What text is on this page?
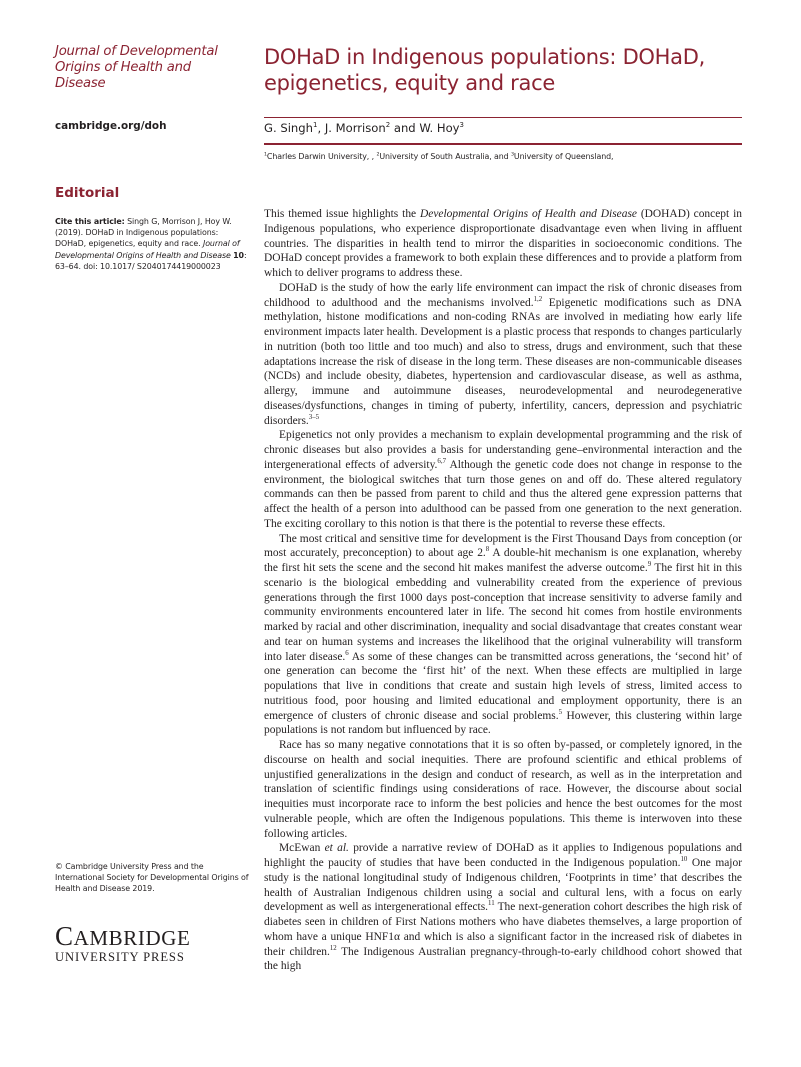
Journal of Developmental Origins of Health and Disease
cambridge.org/doh
Editorial
Cite this article: Singh G, Morrison J, Hoy W. (2019). DOHaD in Indigenous populations: DOHaD, epigenetics, equity and race. Journal of Developmental Origins of Health and Disease 10: 63–64. doi: 10.1017/ S2040174419000023
© Cambridge University Press and the International Society for Developmental Origins of Health and Disease 2019.
CAMBRIDGE
UNIVERSITY PRESS
DOHaD in Indigenous populations: DOHaD, epigenetics, equity and race
G. Singh$^1$, J. Morrison$^2$ and W. Hoy$^3$
$^1$Charles Darwin University, , $^2$University of South Australia, and $^3$University of Queensland,

This themed issue highlights the Developmental Origins of Health and Disease (DOHAD) concept in Indigenous populations, who experience disproportionate disadvantage even when living in affluent countries. The disparities in health tend to mirror the disparities in socioeconomic conditions. The DOHaD concept provides a framework to both explain these differences and to provide a platform from which to deliver programs to address these.

DOHaD is the study of how the early life environment can impact the risk of chronic diseases from childhood to adulthood and the mechanisms involved.$^{1,2}$ Epigenetic modifications such as DNA methylation, histone modifications and non-coding RNAs are involved in mediating how early life environment impacts later health. Development is a plastic process that responds to changes particularly in nutrition (both too little and too much) and also to stress, drugs and environment, such that these adaptations increase the risk of disease in the long term. These diseases are non-communicable diseases (NCDs) and include obesity, diabetes, hypertension and cardiovascular disease, as well as asthma, allergy, immune and autoimmune diseases, neurodevelopmental and neurodegenerative diseases/dysfunctions, changes in timing of puberty, infertility, cancers, depression and psychiatric disorders.$^{3-5}$

Epigenetics not only provides a mechanism to explain developmental programming and the risk of chronic diseases but also provides a basis for understanding gene–environmental interaction and the intergenerational effects of adversity.$^{6,7}$ Although the genetic code does not change in response to the environment, the biological switches that turn those genes on and off do. These altered regulatory commands can then be passed from parent to child and thus the altered gene expression patterns that affect the health of a person into adulthood can be passed from one generation to the next generation. The exciting corollary to this notion is that there is the potential to reverse these effects.

The most critical and sensitive time for development is the First Thousand Days from conception (or most accurately, preconception) to about age 2.$^8$ A double-hit mechanism is one explanation, whereby the first hit sets the scene and the second hit makes manifest the adverse outcome.$^9$ The first hit in this scenario is the biological embedding and vulnerability created from the experience of previous generations through the first 1000 days post-conception that increase sensitivity to adverse family and community environments encountered later in life. The second hit comes from hostile environments marked by racial and other discrimination, inequality and social disadvantage that creates constant wear and tear on human systems and increases the likelihood that the original vulnerability will transform into later disease.$^6$ As some of these changes can be transmitted across generations, the ‘second hit’ of one generation can become the ‘first hit’ of the next. When these effects are multiplied in large populations that live in conditions that create and sustain high levels of stress, limited access to nutritious food, poor housing and limited educational and employment opportunity, there is an emergence of clusters of chronic disease and social problems.$^5$ However, this clustering within large populations is not random but influenced by race.

Race has so many negative connotations that it is so often by-passed, or completely ignored, in the discourse on health and social inequities. There are profound scientific and ethical problems of unjustified generalizations in the design and conduct of research, as well as in the interpretation and translation of scientific findings using considerations of race. However, the discourse about social inequities must incorporate race to inform the best policies and hence the best outcomes for the most vulnerable people, which are often the Indigenous populations. This theme is interwoven into these following articles.

McEwan et al. provide a narrative review of DOHaD as it applies to Indigenous populations and highlight the paucity of studies that have been conducted in the Indigenous population.$^{10}$ One major study is the national longitudinal study of Indigenous children, ‘Footprints in time’ that describes the health of Australian Indigenous children using a social and cultural lens, with a focus on early development as well as intergenerational effects.$^{11}$ The next-generation cohort describes the high risk of diabetes seen in children of First Nations mothers who have diabetes themselves, a large proportion of whom have a unique HNF1α and which is also a significant factor in the increased risk of diabetes in their children.$^{12}$ The Indigenous Australian pregnancy-through-to-early childhood cohort showed that the high
